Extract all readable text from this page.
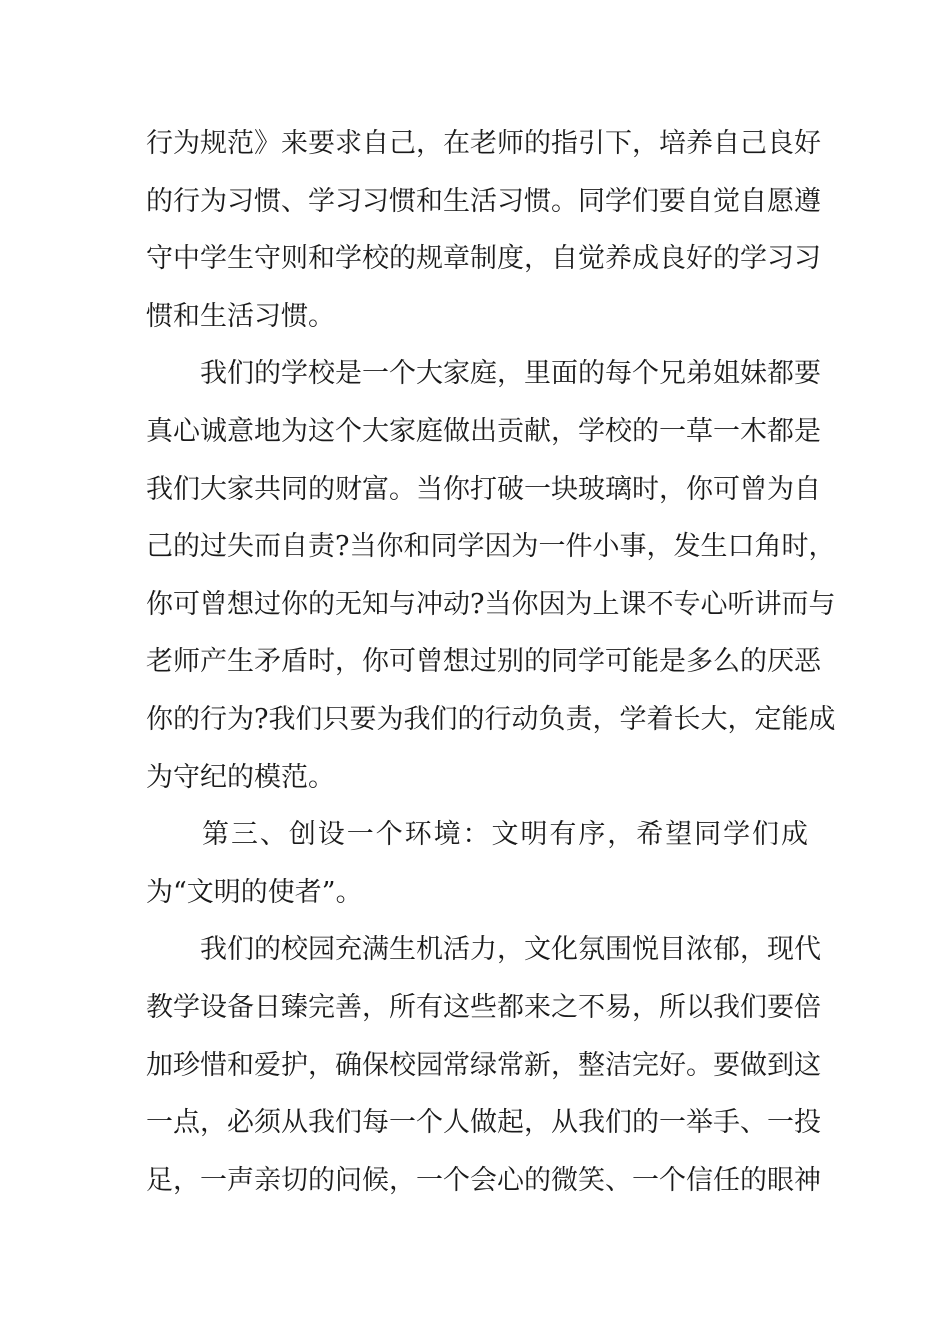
行为规范》来要求自己，在老师的指引下，培养自己良好
的行为习惯、学习习惯和生活习惯。同学们要自觉自愿遵
守中学生守则和学校的规章制度，自觉养成良好的学习习
惯和生活习惯。
我们的学校是一个大家庭，里面的每个兄弟姐妹都要
真心诚意地为这个大家庭做出贡献，学校的一草一木都是
我们大家共同的财富。当你打破一块玻璃时，你可曾为自
己的过失而自责?当你和同学因为一件小事，发生口角时，
你可曾想过你的无知与冲动?当你因为上课不专心听讲而与
老师产生矛盾时，你可曾想过别的同学可能是多么的厌恶
你的行为?我们只要为我们的行动负责，学着长大，定能成
为守纪的模范。
第三、创设一个环境：文明有序，希望同学们成
为“文明的使者”。
我们的校园充满生机活力，文化氛围悦目浓郁，现代
教学设备日臻完善，所有这些都来之不易，所以我们要倍
加珍惜和爱护，确保校园常绿常新，整洁完好。要做到这
一点，必须从我们每一个人做起，从我们的一举手、一投
足，一声亲切的问候，一个会心的微笑、一个信任的眼神
